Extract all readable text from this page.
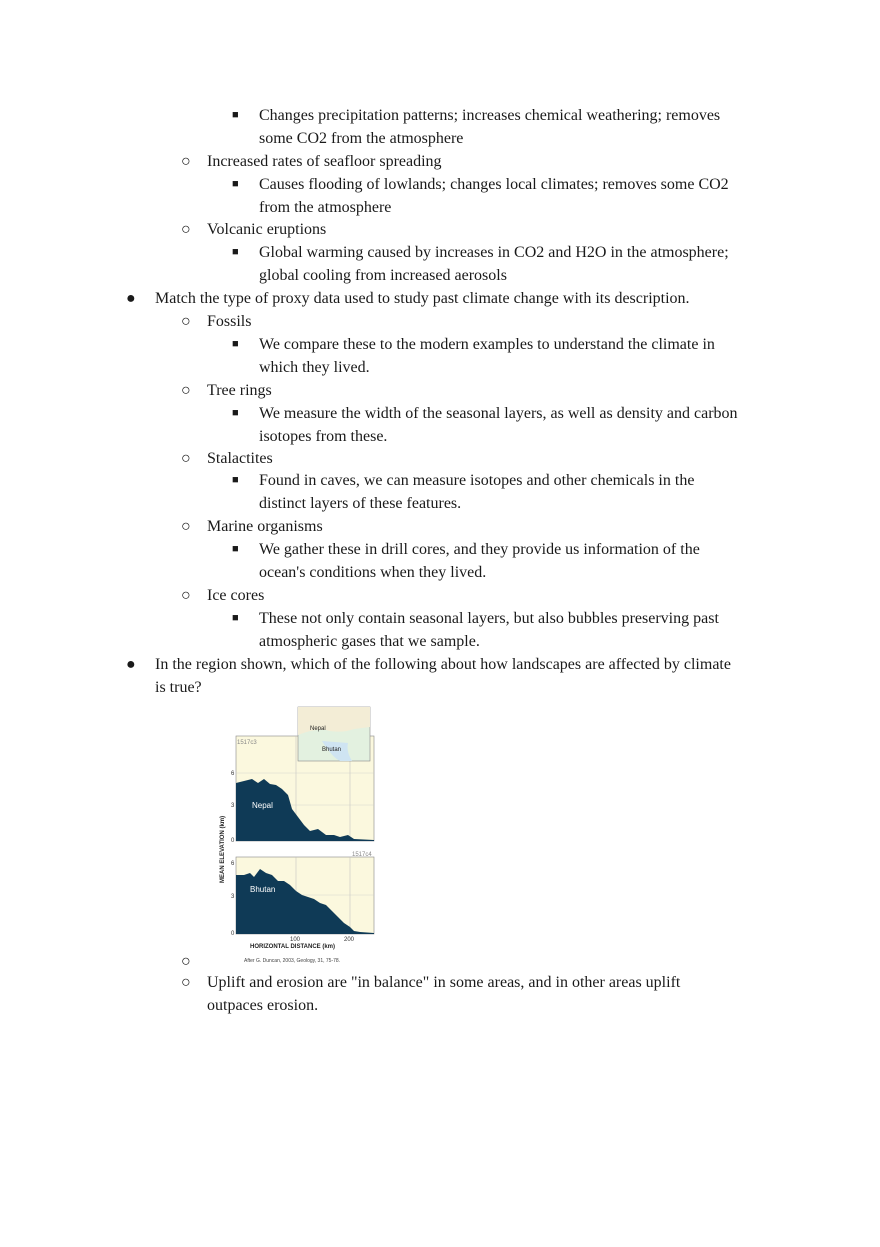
■ Changes precipitation patterns; increases chemical weathering; removes
some CO2 from the atmosphere
○ Increased rates of seafloor spreading
■ Causes flooding of lowlands; changes local climates; removes some CO2
from the atmosphere
○ Volcanic eruptions
■ Global warming caused by increases in CO2 and H2O in the atmosphere;
global cooling from increased aerosols
● Match the type of proxy data used to study past climate change with its description.
○ Fossils
■ We compare these to the modern examples to understand the climate in
which they lived.
○ Tree rings
■ We measure the width of the seasonal layers, as well as density and carbon
isotopes from these.
○ Stalactites
■ Found in caves, we can measure isotopes and other chemicals in the
distinct layers of these features.
○ Marine organisms
■ We gather these in drill cores, and they provide us information of the
ocean's conditions when they lived.
○ Ice cores
■ These not only contain seasonal layers, but also bubbles preserving past
atmospheric gases that we sample.
● In the region shown, which of the following about how landscapes are affected by climate
is true?
Nepal
1517c3
Nepal
Bhutan
Bhutan
1517c4
6
3
0
6
3
0
100	200
MEAN ELEVATION (km)
HORIZONTAL DISTANCE (km)
After G. Duncan, 2003, Geology, 31, 75-78.
○
○ Uplift and erosion are "in balance" in some areas, and in other areas uplift
outpaces erosion.
